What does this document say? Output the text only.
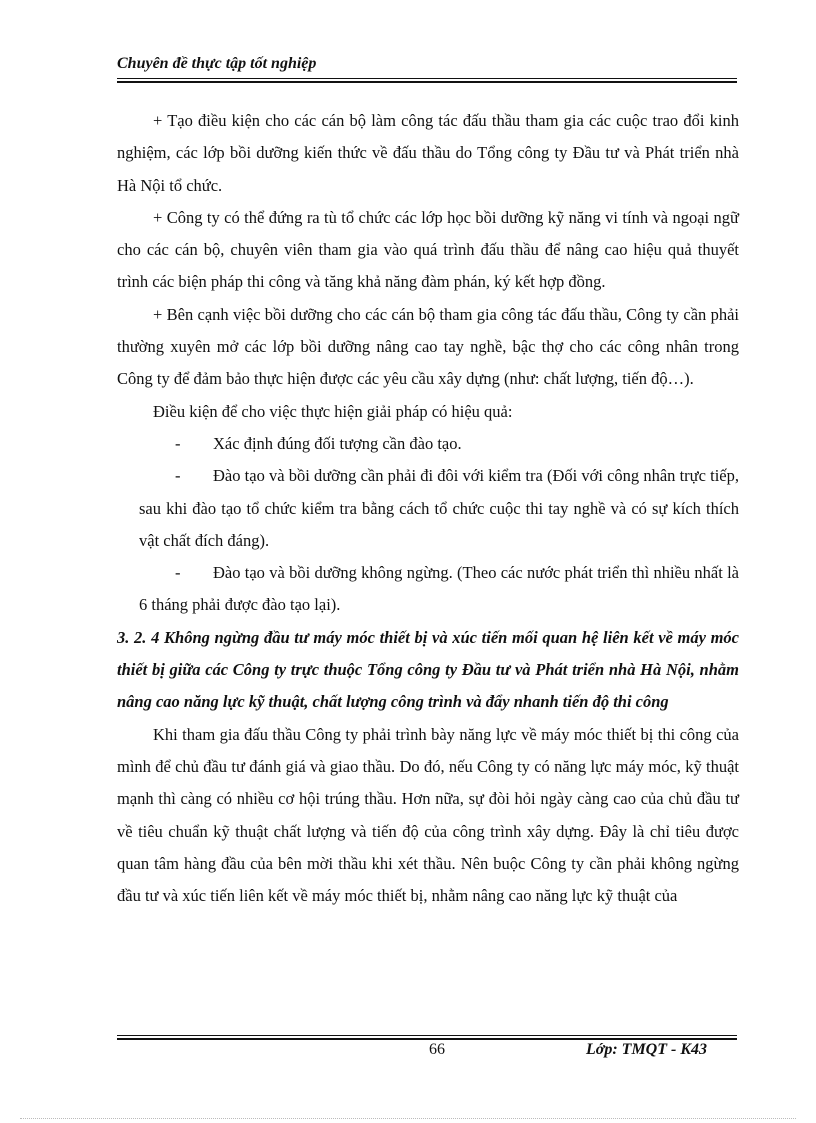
Chuyên đề thực tập tốt nghiệp

+ Tạo điều kiện cho các cán bộ làm công tác đấu thầu tham gia các cuộc trao đổi kinh nghiệm, các lớp bồi dưỡng kiến thức về đấu thầu do Tổng công ty Đầu tư và Phát triển nhà Hà Nội tổ chức.

+ Công ty có thể đứng ra tù tổ chức các lớp học bồi dưỡng kỹ năng vi tính và ngoại ngữ cho các cán bộ, chuyên viên tham gia vào quá trình đấu thầu để nâng cao hiệu quả thuyết trình các biện pháp thi công và tăng khả năng đàm phán, ký kết hợp đồng.

+ Bên cạnh việc bồi dưỡng cho các cán bộ tham gia công tác đấu thầu, Công ty cần phải thường xuyên mở các lớp bồi dưỡng nâng cao tay nghề, bậc thợ cho các công nhân trong Công ty để đảm bảo thực hiện được các yêu cầu xây dựng (như: chất lượng, tiến độ…).

Điều kiện để cho việc thực hiện giải pháp có hiệu quả:

- Xác định đúng đối tượng cần đào tạo.

- Đào tạo và bồi dưỡng cần phải đi đôi với kiểm tra (Đối với công nhân trực tiếp, sau khi đào tạo tổ chức kiểm tra bằng cách tổ chức cuộc thi tay nghề và có sự kích thích vật chất đích đáng).

- Đào tạo và bồi dưỡng không ngừng. (Theo các nước phát triển thì nhiều nhất là 6 tháng phải được đào tạo lại).

3. 2. 4 Không ngừng đầu tư máy móc thiết bị và xúc tiến mối quan hệ liên kết về máy móc thiết bị giữa các Công ty trực thuộc Tổng công ty Đầu tư và Phát triển nhà Hà Nội, nhằm nâng cao năng lực kỹ thuật, chất lượng công trình và đẩy nhanh tiến độ thi công

Khi tham gia đấu thầu Công ty phải trình bày năng lực về máy móc thiết bị thi công của mình để chủ đầu tư đánh giá và giao thầu. Do đó, nếu Công ty có năng lực máy móc, kỹ thuật mạnh thì càng có nhiều cơ hội trúng thầu. Hơn nữa, sự đòi hỏi ngày càng cao của chủ đầu tư về tiêu chuẩn kỹ thuật chất lượng và tiến độ của công trình xây dựng. Đây là chỉ tiêu được quan tâm hàng đầu của bên mời thầu khi xét thầu. Nên buộc Công ty cần phải không ngừng đầu tư và xúc tiến liên kết về máy móc thiết bị, nhằm nâng cao năng lực kỹ thuật của

66	Lớp: TMQT - K43
